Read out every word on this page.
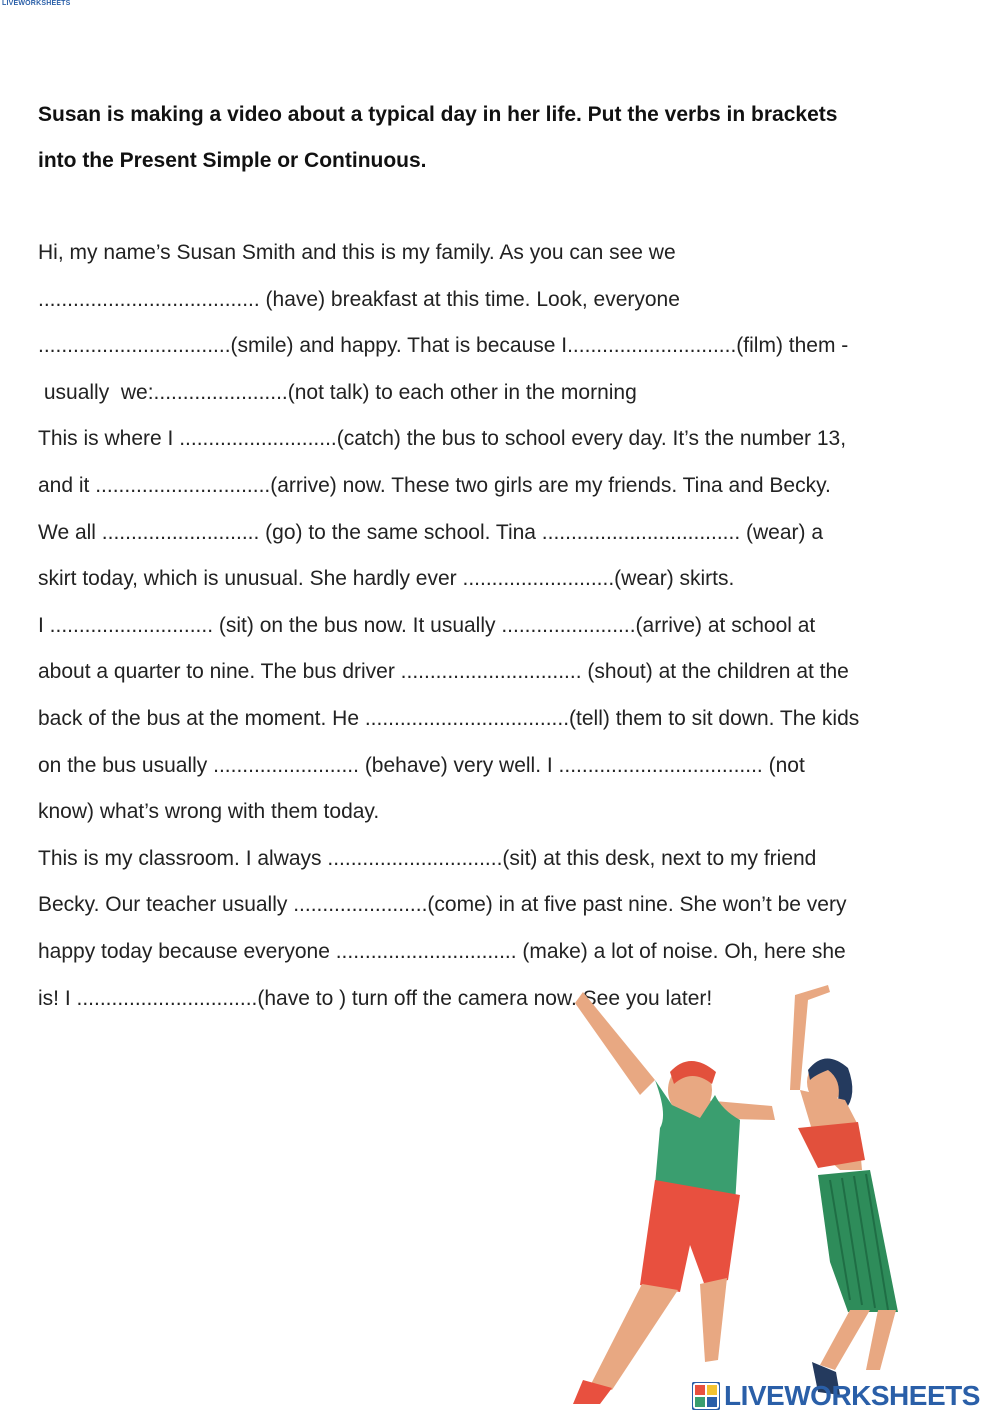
LIVEWORKSHEETS
Susan is making a video about a typical day in her life. Put the verbs in brackets
into the Present Simple or Continuous.
Hi, my name’s Susan Smith and this is my family. As you can see we
...................................... (have) breakfast at this time. Look, everyone
.................................(smile) and happy. That is because I.............................(film) them -
usually  we:.......................(not talk) to each other in the morning
This is where I ...........................(catch) the bus to school every day. It’s the number 13,
and it ..............................(arrive) now. These two girls are my friends. Tina and Becky.
We all ........................... (go) to the same school. Tina .................................. (wear) a
skirt today, which is unusual. She hardly ever ..........................(wear) skirts.
I ............................ (sit) on the bus now. It usually .......................(arrive) at school at
about a quarter to nine. The bus driver ............................... (shout) at the children at the
back of the bus at the moment. He ...................................(tell) them to sit down. The kids
on the bus usually ......................... (behave) very well. I ................................... (not
know) what’s wrong with them today.
This is my classroom. I always ..............................(sit) at this desk, next to my friend
Becky. Our teacher usually .......................(come) in at five past nine. She won’t be very
happy today because everyone ............................... (make) a lot of noise. Oh, here she
is! I ...............................(have to ) turn off the camera now. See you later!
LIVEWORKSHEETS
